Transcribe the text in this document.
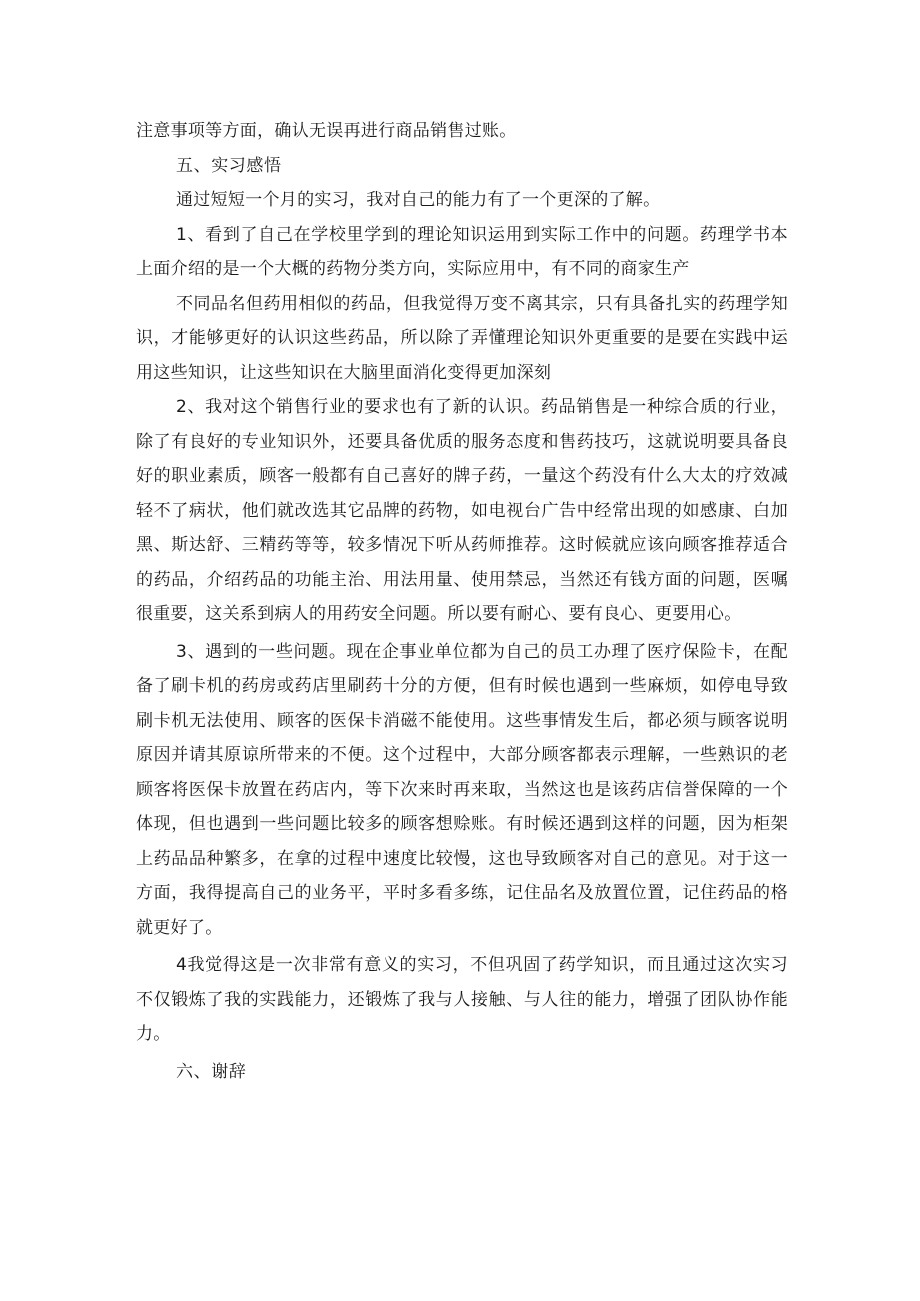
注意事项等方面，确认无误再进行商品销售过账。

五、实习感悟

通过短短一个月的实习，我对自己的能力有了一个更深的了解。

1、看到了自己在学校里学到的理论知识运用到实际工作中的问题。药理学书本上面介绍的是一个大概的药物分类方向，实际应用中，有不同的商家生产

不同品名但药用相似的药品，但我觉得万变不离其宗，只有具备扎实的药理学知识，才能够更好的认识这些药品，所以除了弄懂理论知识外更重要的是要在实践中运用这些知识，让这些知识在大脑里面消化变得更加深刻

2、我对这个销售行业的要求也有了新的认识。药品销售是一种综合质的行业，除了有良好的专业知识外，还要具备优质的服务态度和售药技巧，这就说明要具备良好的职业素质，顾客一般都有自己喜好的牌子药，一量这个药没有什么大太的疗效减轻不了病状，他们就改选其它品牌的药物，如电视台广告中经常出现的如感康、白加黑、斯达舒、三精药等等，较多情况下听从药师推荐。这时候就应该向顾客推荐适合的药品，介绍药品的功能主治、用法用量、使用禁忌，当然还有钱方面的问题，医嘱很重要，这关系到病人的用药安全问题。所以要有耐心、要有良心、更要用心。

3、遇到的一些问题。现在企事业单位都为自己的员工办理了医疗保险卡，在配备了刷卡机的药房或药店里刷药十分的方便，但有时候也遇到一些麻烦，如停电导致刷卡机无法使用、顾客的医保卡消磁不能使用。这些事情发生后，都必须与顾客说明原因并请其原谅所带来的不便。这个过程中，大部分顾客都表示理解，一些熟识的老顾客将医保卡放置在药店内，等下次来时再来取，当然这也是该药店信誉保障的一个体现，但也遇到一些问题比较多的顾客想赊账。有时候还遇到这样的问题，因为柜架上药品品种繁多，在拿的过程中速度比较慢，这也导致顾客对自己的意见。对于这一方面，我得提高自己的业务平，平时多看多练，记住品名及放置位置，记住药品的格就更好了。

4我觉得这是一次非常有意义的实习，不但巩固了药学知识，而且通过这次实习不仅锻炼了我的实践能力，还锻炼了我与人接触、与人往的能力，增强了团队协作能力。

六、谢辞
